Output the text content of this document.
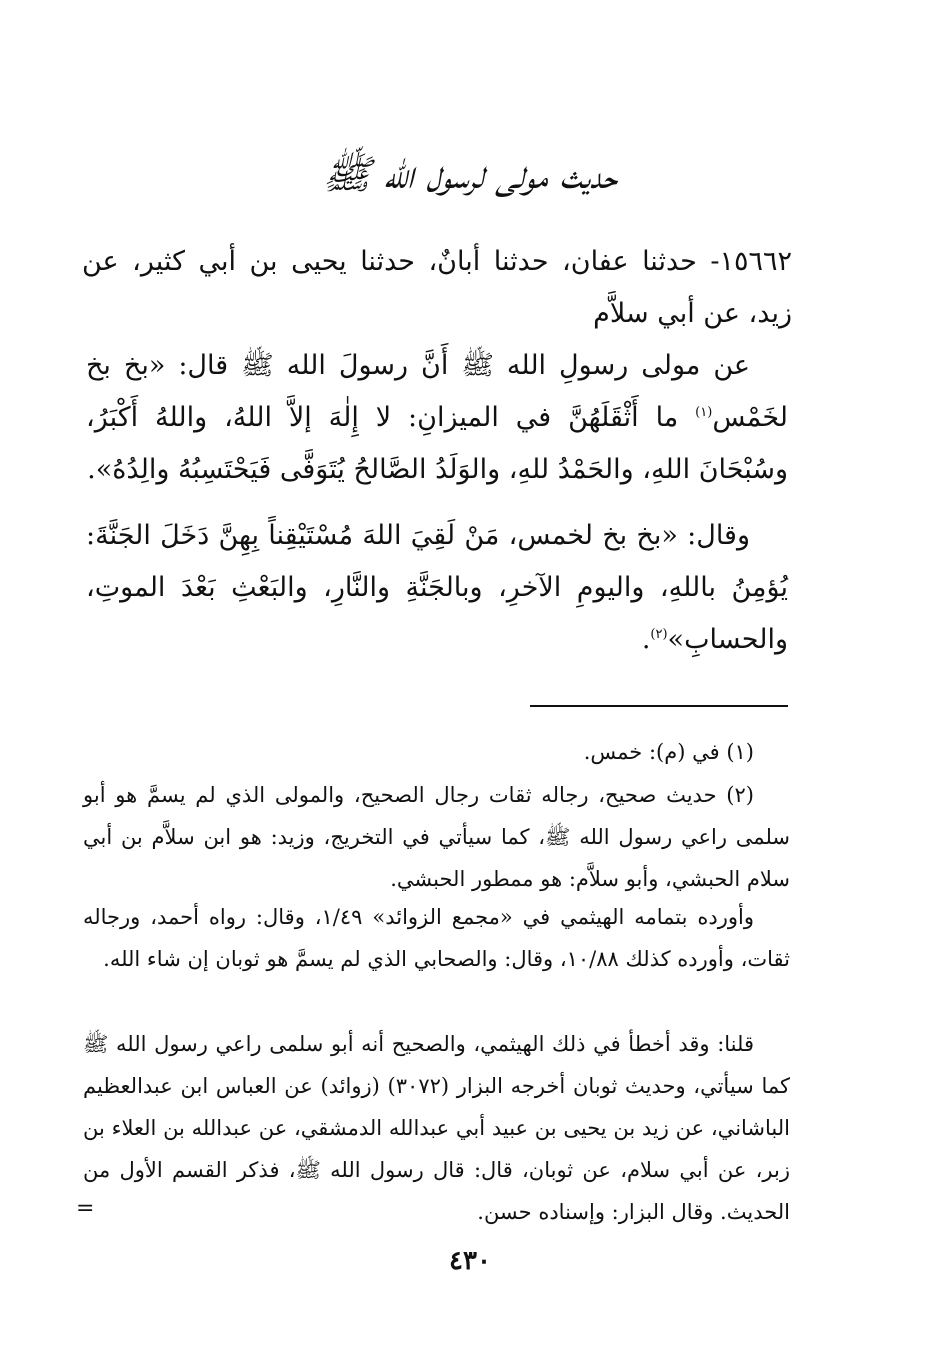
حديث مولى لرسول الله ﷺ
١٥٦٦٢- حدثنا عفان، حدثنا أبانٌ، حدثنا يحيى بن أبي كثير، عن زيد، عن أبي سلاَّم
عن مولى رسولِ الله ﷺ أَنَّ رسولَ الله ﷺ قال: «بخ بخ لخَمْس$^{(١)}$ ما أَثْقَلَهُنَّ في الميزانِ: لا إِلٰهَ إلاَّ اللهُ، واللهُ أَكْبَرُ، وسُبْحَانَ اللهِ، والحَمْدُ للهِ، والوَلَدُ الصَّالحُ يُتَوَفَّى فَيَحْتَسِبُهُ والِدُهُ».
وقال: «بخ بخ لخمس، مَنْ لَقِيَ اللهَ مُسْتَيْقِناً بِهِنَّ دَخَلَ الجَنَّةَ: يُؤمِنُ باللهِ، واليومِ الآخرِ، وبالجَنَّةِ والنَّارِ، والبَعْثِ بَعْدَ الموتِ، والحسابِ»$^{(٢)}$.
(١) في (م): خمس.
(٢) حديث صحيح، رجاله ثقات رجال الصحيح، والمولى الذي لم يسمَّ هو أبو سلمى راعي رسول الله ﷺ، كما سيأتي في التخريج، وزيد: هو ابن سلاَّم بن أبي سلام الحبشي، وأبو سلاَّم: هو ممطور الحبشي.
وأورده بتمامه الهيثمي في «مجمع الزوائد» ١/٤٩، وقال: رواه أحمد، ورجاله ثقات، وأورده كذلك ١٠/٨٨، وقال: والصحابي الذي لم يسمَّ هو ثوبان إن شاء الله.
قلنا: وقد أخطأ في ذلك الهيثمي، والصحيح أنه أبو سلمى راعي رسول الله ﷺ كما سيأتي، وحديث ثوبان أخرجه البزار (٣٠٧٢) (زوائد) عن العباس ابن عبدالعظيم الباشاني، عن زيد بن يحيى بن عبيد أبي عبدالله الدمشقي، عن عبدالله بن العلاء بن زبر، عن أبي سلام، عن ثوبان، قال: قال رسول الله ﷺ، فذكر القسم الأول من الحديث. وقال البزار: وإسناده حسن.
=
٤٣٠
